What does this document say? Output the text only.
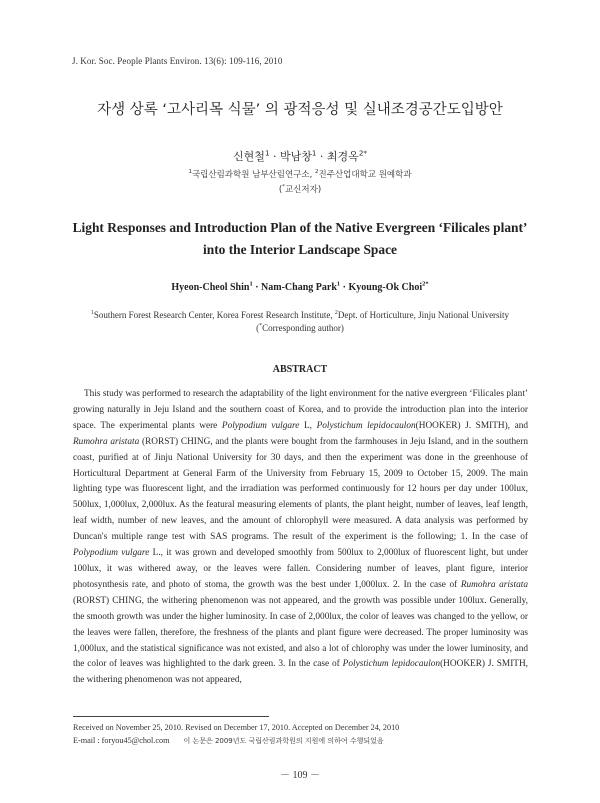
J. Kor. Soc. People Plants Environ. 13(6): 109-116, 2010
자생 상록 ‘고사리목 식물’ 의 광적응성 및 실내조경공간도입방안
신현철$^1$ · 박남창$^1$ · 최경옥$^{2*}$
$^1$국립산림과학원 남부산림연구소, $^2$진주산업대학교 원예학과
(*교신저자)
Light Responses and Introduction Plan of the Native Evergreen ‘Filicales plant’ into the Interior Landscape Space
Hyeon-Cheol Shin$^1$ · Nam-Chang Park$^1$ · Kyoung-Ok Choi$^{2*}$
$^1$Southern Forest Research Center, Korea Forest Research Institute, $^2$Dept. of Horticulture, Jinju National University
(*Corresponding author)
ABSTRACT
This study was performed to research the adaptability of the light environment for the native evergreen ‘Filicales plant’ growing naturally in Jeju Island and the southern coast of Korea, and to provide the introduction plan into the interior space. The experimental plants were Polypodium vulgare L, Polystichum lepidocaulon(HOOKER) J. SMITH), and Rumohra aristata (RORST) CHING, and the plants were bought from the farmhouses in Jeju Island, and in the southern coast, purified at of Jinju National University for 30 days, and then the experiment was done in the greenhouse of Horticultural Department at General Farm of the University from February 15, 2009 to October 15, 2009. The main lighting type was fluorescent light, and the irradiation was performed continuously for 12 hours per day under 100lux, 500lux, 1,000lux, 2,000lux. As the featural measuring elements of plants, the plant height, number of leaves, leaf length, leaf width, number of new leaves, and the amount of chlorophyll were measured. A data analysis was performed by Duncan's multiple range test with SAS programs. The result of the experiment is the following; 1. In the case of Polypodium vulgare L., it was grown and developed smoothly from 500lux to 2,000lux of fluorescent light, but under 100lux, it was withered away, or the leaves were fallen. Considering number of leaves, plant figure, interior photosynthesis rate, and photo of stoma, the growth was the best under 1,000lux. 2. In the case of Rumohra aristata (RORST) CHING, the withering phenomenon was not appeared, and the growth was possible under 100lux. Generally, the smooth growth was under the higher luminosity. In case of 2,000lux, the color of leaves was changed to the yellow, or the leaves were fallen, therefore, the freshness of the plants and plant figure were decreased. The proper luminosity was 1,000lux, and the statistical significance was not existed, and also a lot of chlorophy was under the lower luminosity, and the color of leaves was highlighted to the dark green. 3. In the case of Polystichum lepidocaulon(HOOKER) J. SMITH, the withering phenomenon was not appeared,
Received on November 25, 2010. Revised on December 17, 2010. Accepted on December 24, 2010
E-mail : foryou45@chol.com 이 논문은 2009년도 국립산림과학원의 지원에 의하여 수행되었음
－ 109 －
